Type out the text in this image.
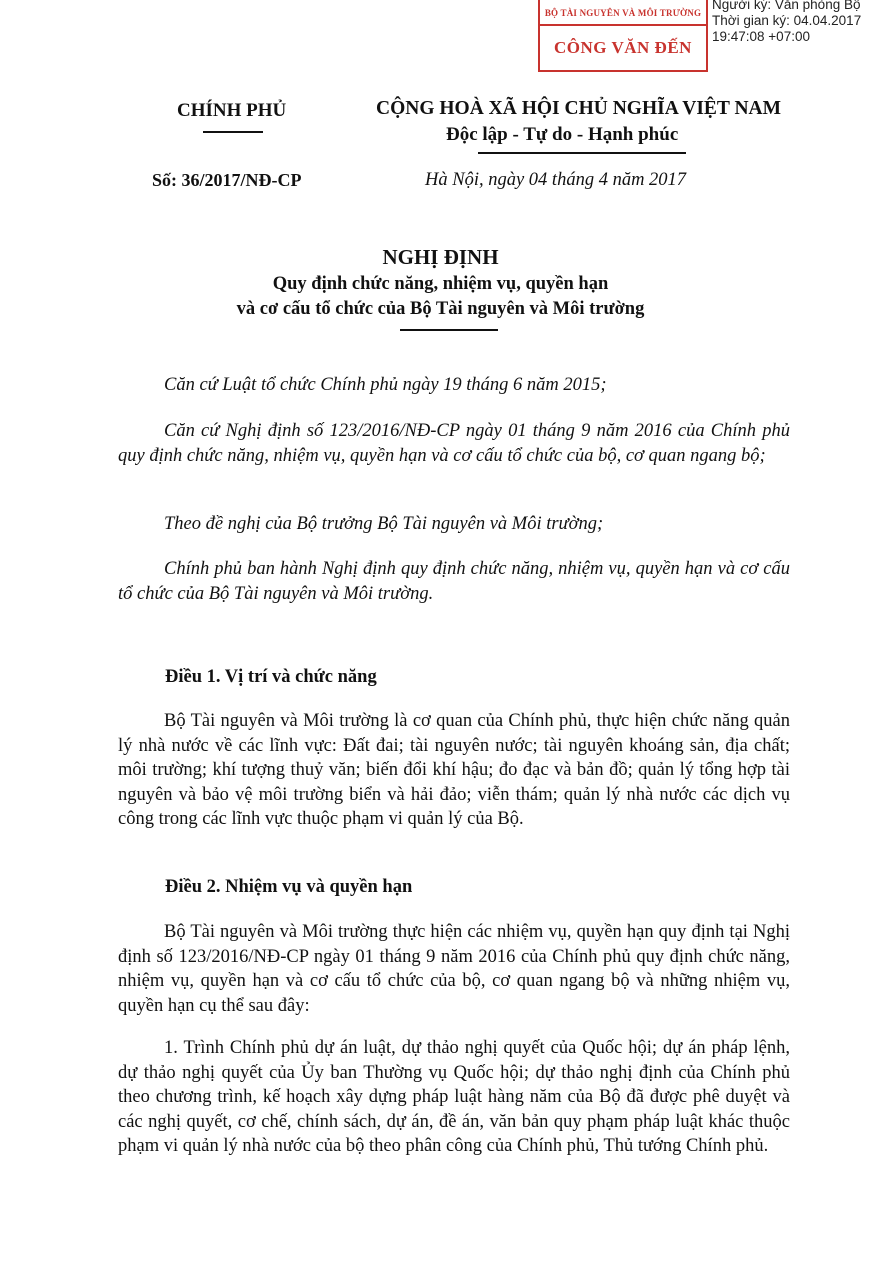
BỘ TÀI NGUYÊN VÀ MÔI TRƯỜNG
CÔNG VĂN ĐẾN
Người ký: Văn phòng Bộ
Thời gian ký: 04.04.2017
19:47:08 +07:00
CHÍNH PHỦ	CỘNG HOÀ XÃ HỘI CHỦ NGHĨA VIỆT NAM
Độc lập - Tự do - Hạnh phúc
Số: 36/2017/NĐ-CP	Hà Nội, ngày 04 tháng 4 năm 2017
NGHỊ ĐỊNH
Quy định chức năng, nhiệm vụ, quyền hạn
và cơ cấu tổ chức của Bộ Tài nguyên và Môi trường
Căn cứ Luật tổ chức Chính phủ ngày 19 tháng 6 năm 2015;
Căn cứ Nghị định số 123/2016/NĐ-CP ngày 01 tháng 9 năm 2016 của Chính phủ quy định chức năng, nhiệm vụ, quyền hạn và cơ cấu tổ chức của bộ, cơ quan ngang bộ;
Theo đề nghị của Bộ trưởng Bộ Tài nguyên và Môi trường;
Chính phủ ban hành Nghị định quy định chức năng, nhiệm vụ, quyền hạn và cơ cấu tổ chức của Bộ Tài nguyên và Môi trường.
Điều 1. Vị trí và chức năng
Bộ Tài nguyên và Môi trường là cơ quan của Chính phủ, thực hiện chức năng quản lý nhà nước về các lĩnh vực: Đất đai; tài nguyên nước; tài nguyên khoáng sản, địa chất; môi trường; khí tượng thuỷ văn; biến đổi khí hậu; đo đạc và bản đồ; quản lý tổng hợp tài nguyên và bảo vệ môi trường biển và hải đảo; viễn thám; quản lý nhà nước các dịch vụ công trong các lĩnh vực thuộc phạm vi quản lý của Bộ.
Điều 2. Nhiệm vụ và quyền hạn
Bộ Tài nguyên và Môi trường thực hiện các nhiệm vụ, quyền hạn quy định tại Nghị định số 123/2016/NĐ-CP ngày 01 tháng 9 năm 2016 của Chính phủ quy định chức năng, nhiệm vụ, quyền hạn và cơ cấu tổ chức của bộ, cơ quan ngang bộ và những nhiệm vụ, quyền hạn cụ thể sau đây:
1. Trình Chính phủ dự án luật, dự thảo nghị quyết của Quốc hội; dự án pháp lệnh, dự thảo nghị quyết của Ủy ban Thường vụ Quốc hội; dự thảo nghị định của Chính phủ theo chương trình, kế hoạch xây dựng pháp luật hàng năm của Bộ đã được phê duyệt và các nghị quyết, cơ chế, chính sách, dự án, đề án, văn bản quy phạm pháp luật khác thuộc phạm vi quản lý nhà nước của bộ theo phân công của Chính phủ, Thủ tướng Chính phủ.
